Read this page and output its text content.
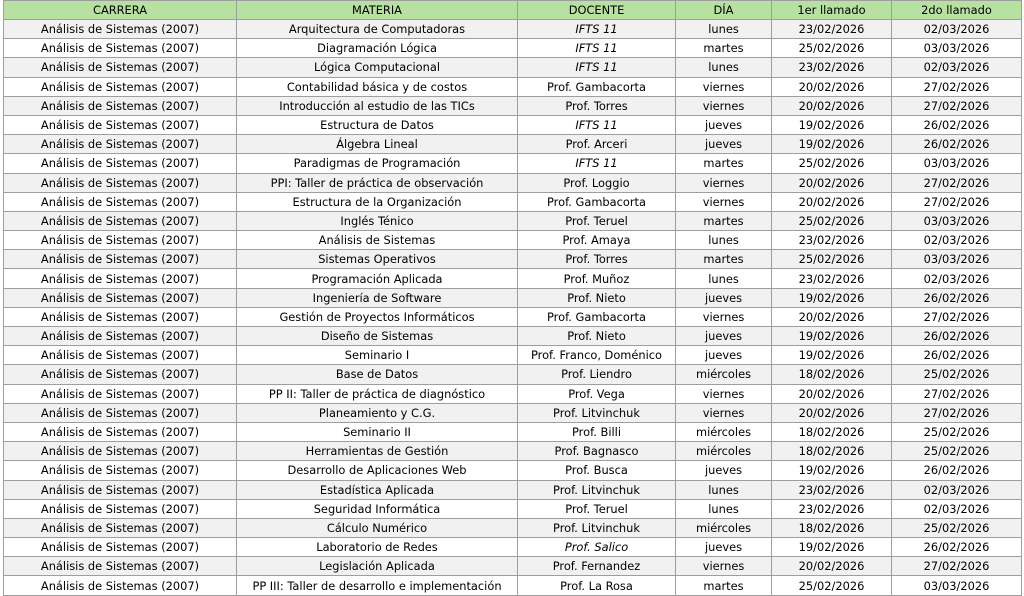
CARRERA	MATERIA	DOCENTE	DÍA	1er llamado	2do llamado
Análisis de Sistemas (2007)	Arquitectura de Computadoras	IFTS 11	lunes	23/02/2026	02/03/2026
Análisis de Sistemas (2007)	Diagramación Lógica	IFTS 11	martes	25/02/2026	03/03/2026
Análisis de Sistemas (2007)	Lógica Computacional	IFTS 11	lunes	23/02/2026	02/03/2026
Análisis de Sistemas (2007)	Contabilidad básica y de costos	Prof. Gambacorta	viernes	20/02/2026	27/02/2026
Análisis de Sistemas (2007)	Introducción al estudio de las TICs	Prof. Torres	viernes	20/02/2026	27/02/2026
Análisis de Sistemas (2007)	Estructura de Datos	IFTS 11	jueves	19/02/2026	26/02/2026
Análisis de Sistemas (2007)	Álgebra Lineal	Prof. Arceri	jueves	19/02/2026	26/02/2026
Análisis de Sistemas (2007)	Paradigmas de Programación	IFTS 11	martes	25/02/2026	03/03/2026
Análisis de Sistemas (2007)	PPI: Taller de práctica de observación	Prof. Loggio	viernes	20/02/2026	27/02/2026
Análisis de Sistemas (2007)	Estructura de la Organización	Prof. Gambacorta	viernes	20/02/2026	27/02/2026
Análisis de Sistemas (2007)	Inglés Ténico	Prof. Teruel	martes	25/02/2026	03/03/2026
Análisis de Sistemas (2007)	Análisis de Sistemas	Prof. Amaya	lunes	23/02/2026	02/03/2026
Análisis de Sistemas (2007)	Sistemas Operativos	Prof. Torres	martes	25/02/2026	03/03/2026
Análisis de Sistemas (2007)	Programación Aplicada	Prof. Muñoz	lunes	23/02/2026	02/03/2026
Análisis de Sistemas (2007)	Ingeniería de Software	Prof. Nieto	jueves	19/02/2026	26/02/2026
Análisis de Sistemas (2007)	Gestión de Proyectos Informáticos	Prof. Gambacorta	viernes	20/02/2026	27/02/2026
Análisis de Sistemas (2007)	Diseño de Sistemas	Prof. Nieto	jueves	19/02/2026	26/02/2026
Análisis de Sistemas (2007)	Seminario I	Prof. Franco, Doménico	jueves	19/02/2026	26/02/2026
Análisis de Sistemas (2007)	Base de Datos	Prof. Liendro	miércoles	18/02/2026	25/02/2026
Análisis de Sistemas (2007)	PP II: Taller de práctica de diagnóstico	Prof. Vega	viernes	20/02/2026	27/02/2026
Análisis de Sistemas (2007)	Planeamiento y C.G.	Prof. Litvinchuk	viernes	20/02/2026	27/02/2026
Análisis de Sistemas (2007)	Seminario II	Prof. Billi	miércoles	18/02/2026	25/02/2026
Análisis de Sistemas (2007)	Herramientas de Gestión	Prof. Bagnasco	miércoles	18/02/2026	25/02/2026
Análisis de Sistemas (2007)	Desarrollo de Aplicaciones Web	Prof. Busca	jueves	19/02/2026	26/02/2026
Análisis de Sistemas (2007)	Estadística Aplicada	Prof. Litvinchuk	lunes	23/02/2026	02/03/2026
Análisis de Sistemas (2007)	Seguridad Informática	Prof. Teruel	lunes	23/02/2026	02/03/2026
Análisis de Sistemas (2007)	Cálculo Numérico	Prof. Litvinchuk	miércoles	18/02/2026	25/02/2026
Análisis de Sistemas (2007)	Laboratorio de Redes	Prof. Salico	jueves	19/02/2026	26/02/2026
Análisis de Sistemas (2007)	Legislación Aplicada	Prof. Fernandez	viernes	20/02/2026	27/02/2026
Análisis de Sistemas (2007)	PP III: Taller de desarrollo e implementación	Prof. La Rosa	martes	25/02/2026	03/03/2026
